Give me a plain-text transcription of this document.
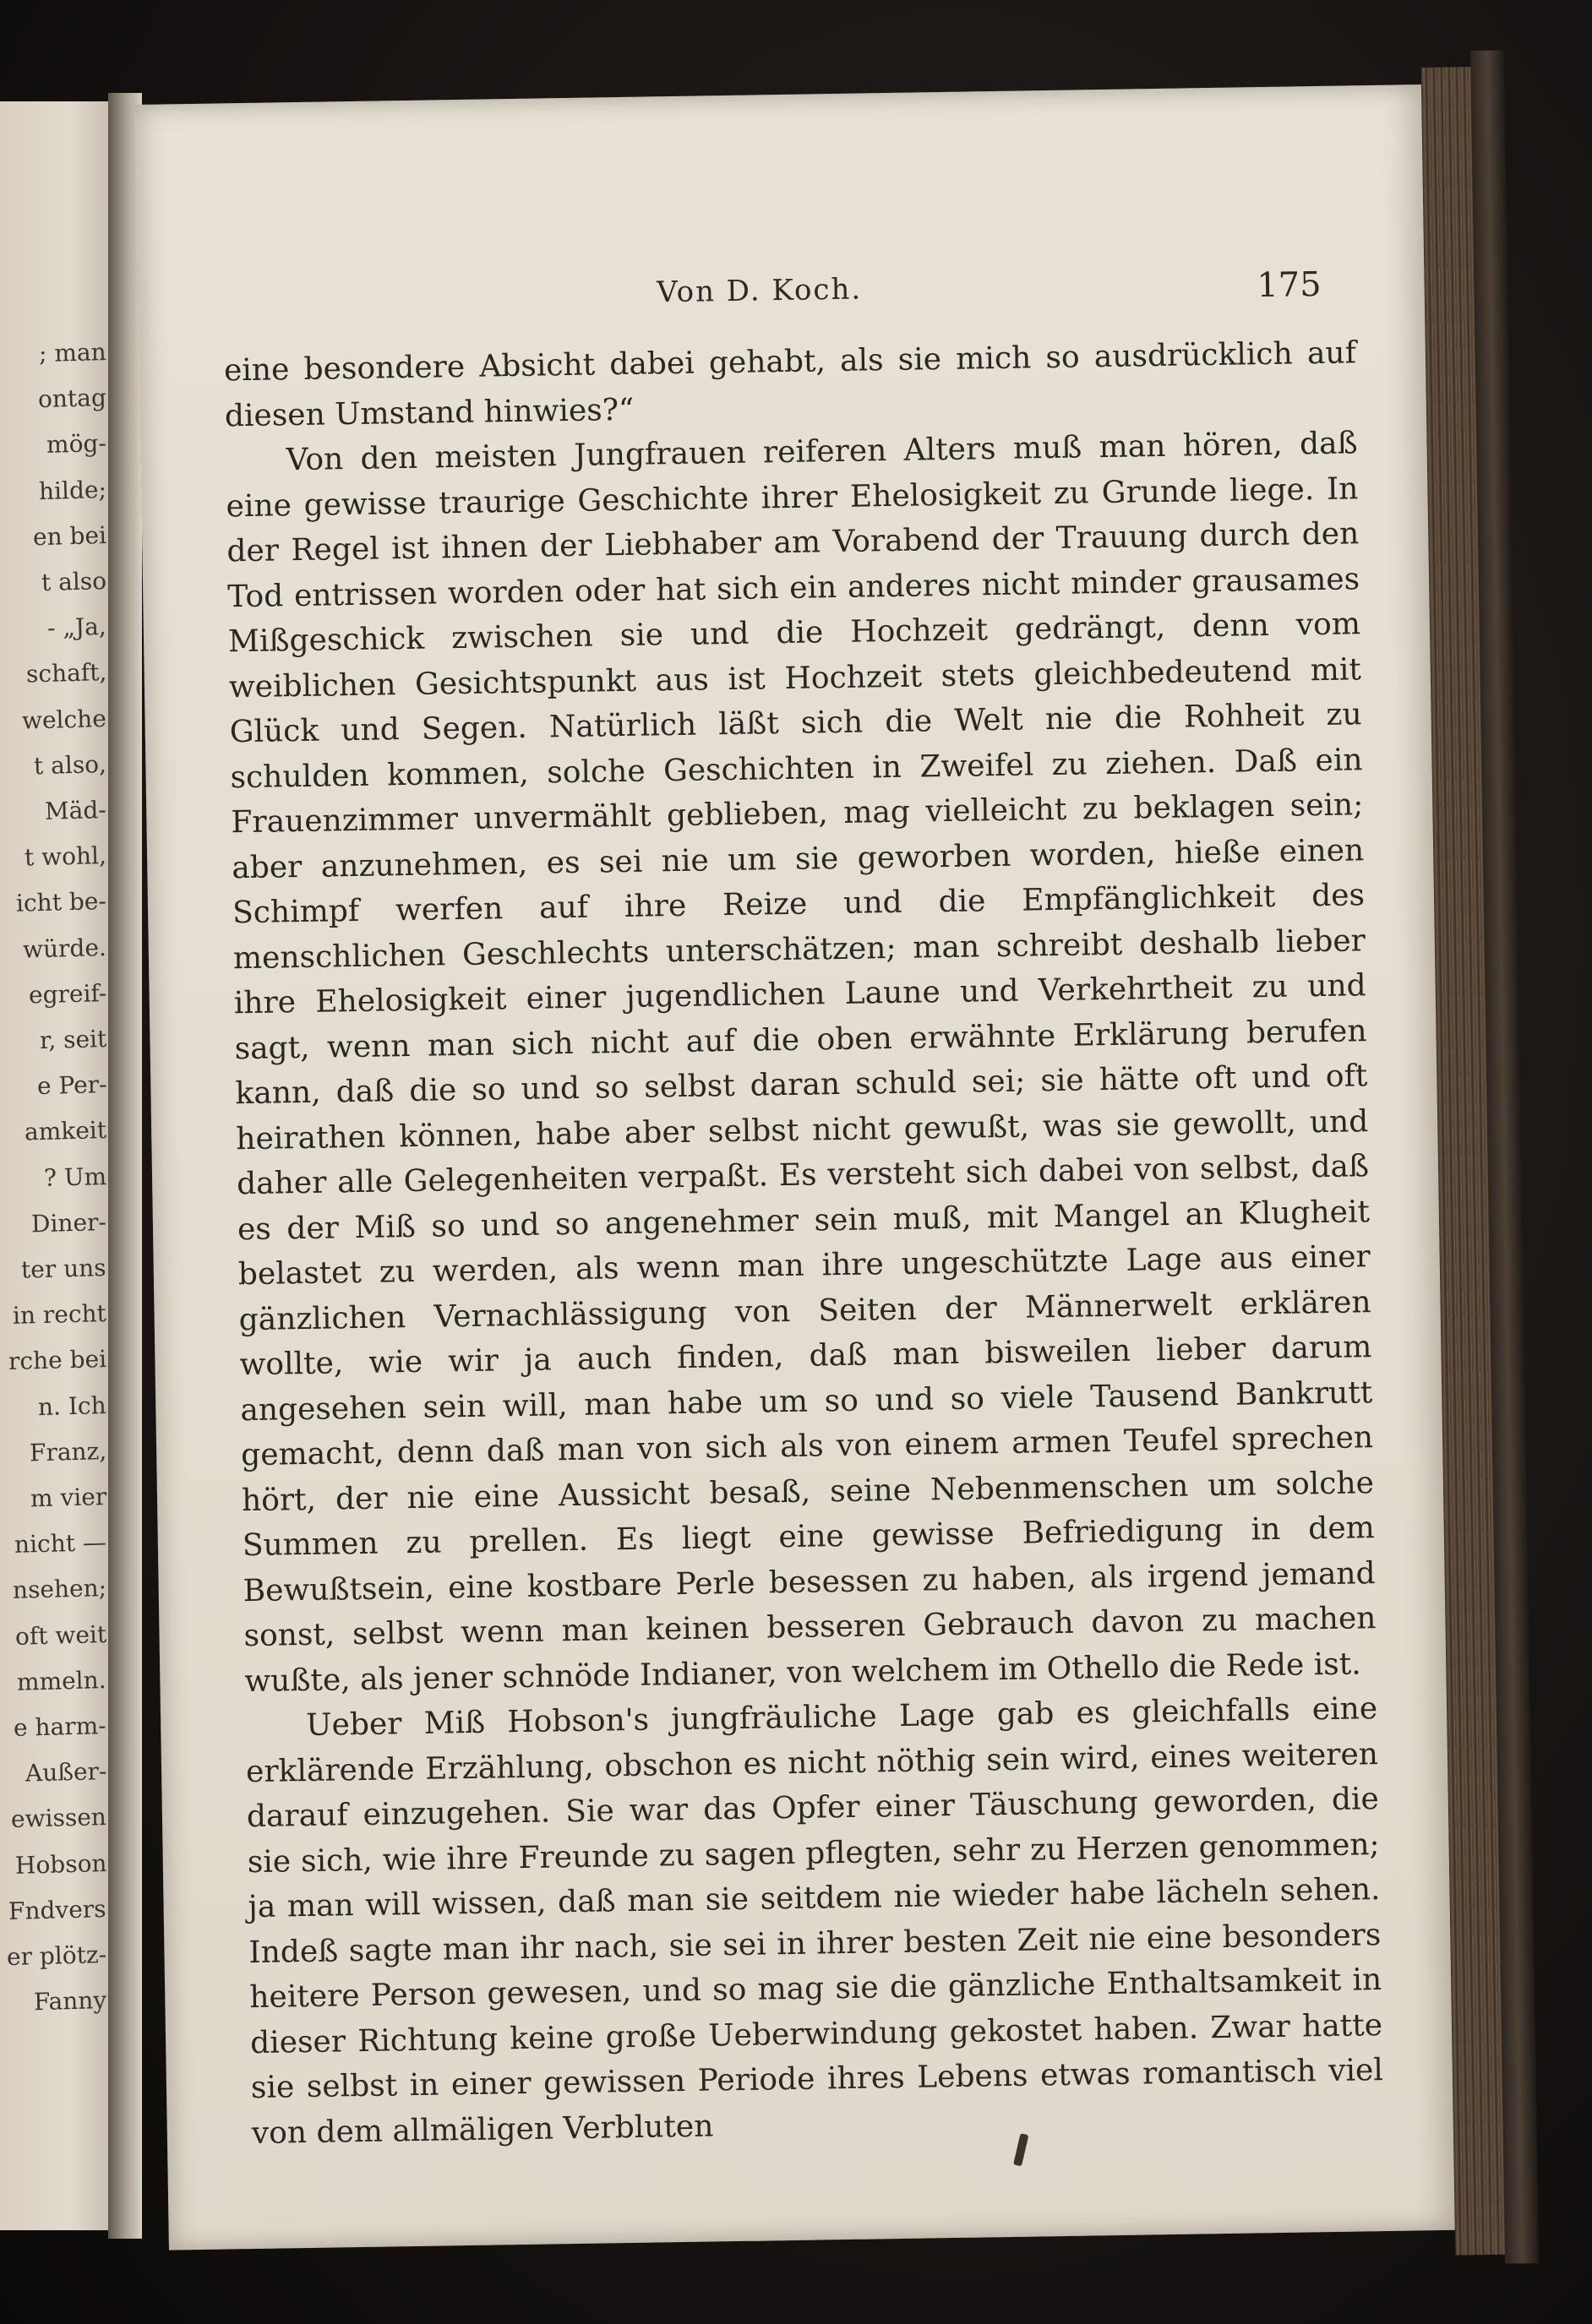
; man
ontag
mög-
hilde;
en bei
t also
- „Ja,
schaft,
welche
t also,
Mäd-
t wohl,
icht be-
würde.
egreif-
r, seit
e Per-
amkeit
? Um
Diner-
ter uns
in recht
rche bei
n. Ich
Franz,
m vier
nicht —
nsehen;
oft weit
mmeln.
e harm-
Außer-
ewissen
Hobson
Fndvers
er plötz-
Fanny
Von D. Koch.	175

eine besondere Absicht dabei gehabt, als sie mich so ausdrücklich auf diesen Umstand hinwies?“

Von den meisten Jungfrauen reiferen Alters muß man hören, daß eine gewisse traurige Geschichte ihrer Ehelosigkeit zu Grunde liege. In der Regel ist ihnen der Liebhaber am Vorabend der Trauung durch den Tod entrissen worden oder hat sich ein anderes nicht minder grausames Mißgeschick zwischen sie und die Hochzeit gedrängt, denn vom weiblichen Gesichtspunkt aus ist Hochzeit stets gleichbedeutend mit Glück und Segen. Natürlich läßt sich die Welt nie die Rohheit zu schulden kommen, solche Geschichten in Zweifel zu ziehen. Daß ein Frauenzimmer unvermählt geblieben, mag vielleicht zu beklagen sein; aber anzunehmen, es sei nie um sie geworben worden, hieße einen Schimpf werfen auf ihre Reize und die Empfänglichkeit des menschlichen Geschlechts unterschätzen; man schreibt deshalb lieber ihre Ehelosigkeit einer jugendlichen Laune und Verkehrtheit zu und sagt, wenn man sich nicht auf die oben erwähnte Erklärung berufen kann, daß die so und so selbst daran schuld sei; sie hätte oft und oft heirathen können, habe aber selbst nicht gewußt, was sie gewollt, und daher alle Gelegenheiten verpaßt. Es versteht sich dabei von selbst, daß es der Miß so und so angenehmer sein muß, mit Mangel an Klugheit belastet zu werden, als wenn man ihre ungeschützte Lage aus einer gänzlichen Vernachlässigung von Seiten der Männerwelt erklären wollte, wie wir ja auch finden, daß man bisweilen lieber darum angesehen sein will, man habe um so und so viele Tausend Bankrutt gemacht, denn daß man von sich als von einem armen Teufel sprechen hört, der nie eine Aussicht besaß, seine Nebenmenschen um solche Summen zu prellen. Es liegt eine gewisse Befriedigung in dem Bewußtsein, eine kostbare Perle besessen zu haben, als irgend jemand sonst, selbst wenn man keinen besseren Gebrauch davon zu machen wußte, als jener schnöde Indianer, von welchem im Othello die Rede ist.

Ueber Miß Hobson's jungfräuliche Lage gab es gleichfalls eine erklärende Erzählung, obschon es nicht nöthig sein wird, eines weiteren darauf einzugehen. Sie war das Opfer einer Täuschung geworden, die sie sich, wie ihre Freunde zu sagen pflegten, sehr zu Herzen genommen; ja man will wissen, daß man sie seitdem nie wieder habe lächeln sehen. Indeß sagte man ihr nach, sie sei in ihrer besten Zeit nie eine besonders heitere Person gewesen, und so mag sie die gänzliche Enthaltsamkeit in dieser Richtung keine große Ueberwindung gekostet haben. Zwar hatte sie selbst in einer gewissen Periode ihres Lebens etwas romantisch viel von dem allmäligen Verbluten
